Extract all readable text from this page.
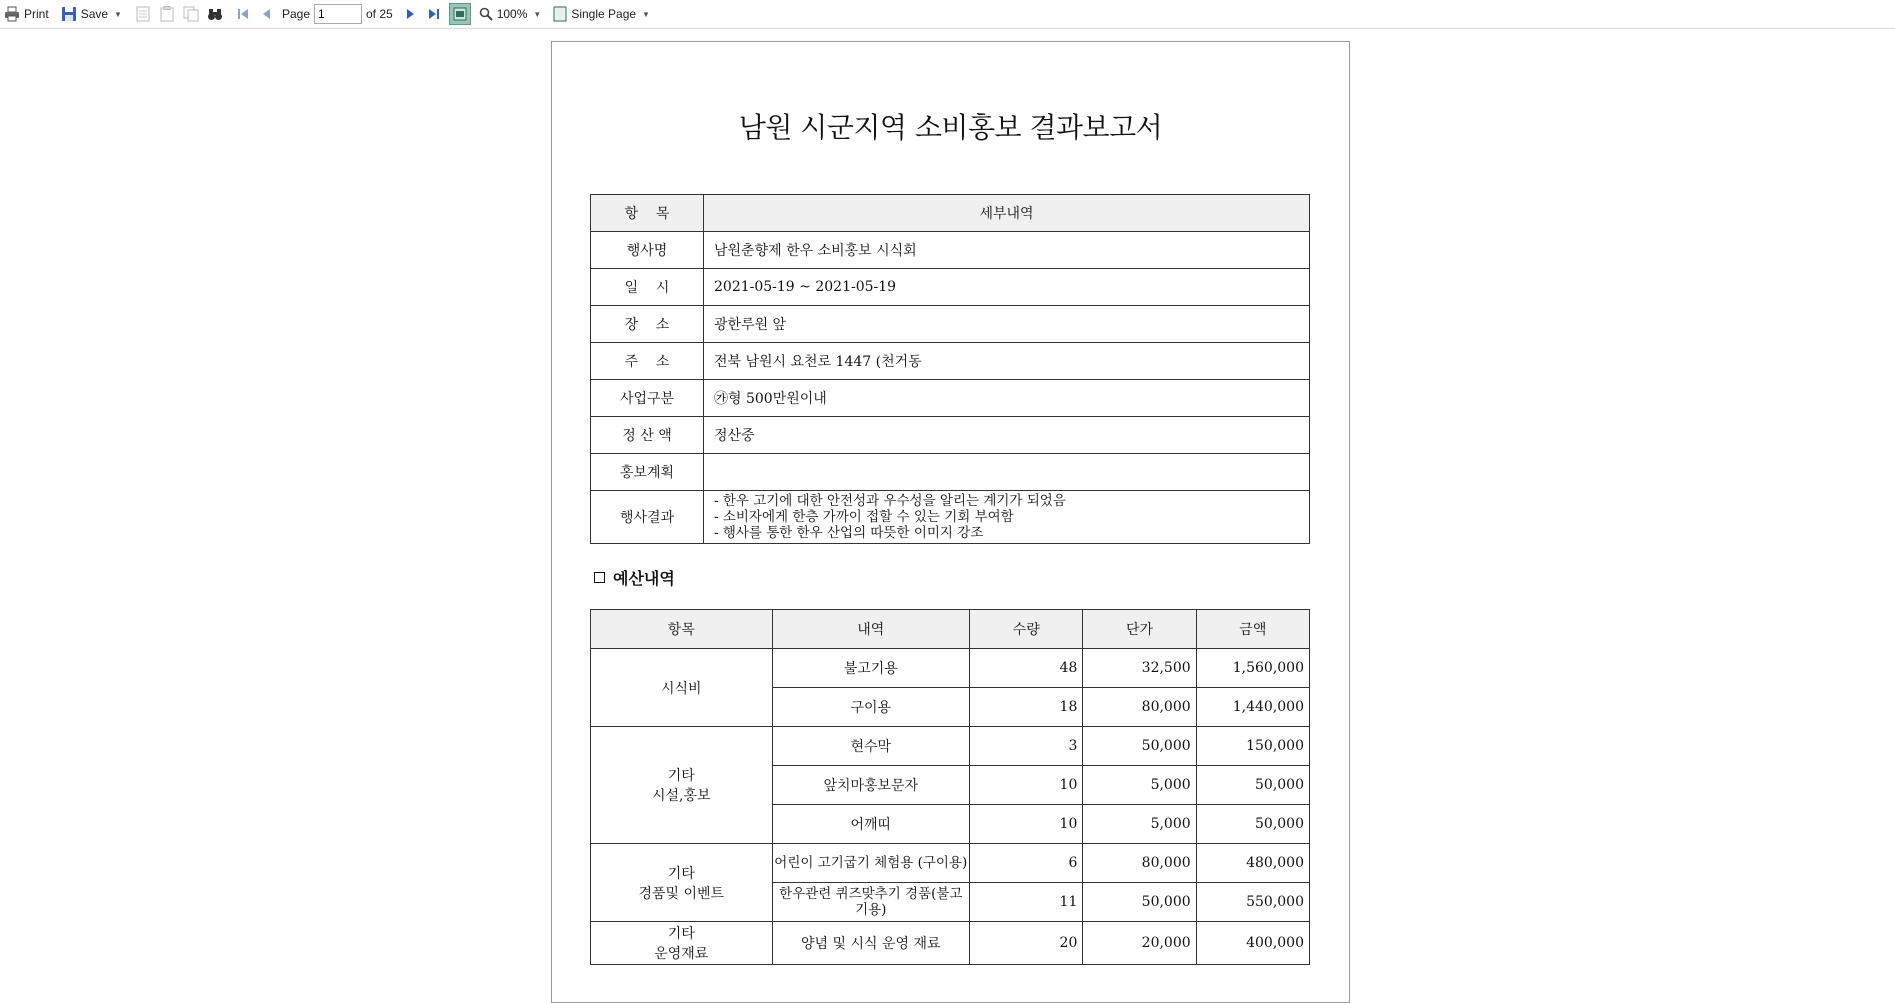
Print	Save ▼	Page
1	of 25	100% ▼	Single Page ▼
남원 시군지역 소비홍보 결과보고서
항    목	세부내역
행사명	남원춘향제 한우 소비홍보 시식회
일    시	2021-05-19 ~ 2021-05-19
장    소	광한루원 앞
주    소	전북 남원시 요천로 1447 (천거동
사업구분	㉮형 500만원이내
정 산 액	정산중
홍보계획	
행사결과	- 한우 고기에 대한 안전성과 우수성을 알리는 계기가 되었음
- 소비자에게 한층 가까이 접할 수 있는 기회 부여함
- 행사를 통한 한우 산업의 따뜻한 이미지 강조
예산내역
항목	내역	수량	단가	금액

시식비	불고기용	48	32,500	1,560,000
	구이용	18	80,000	1,440,000

기타
시설,홍보	현수막	3	50,000	150,000
	앞치마홍보문자	10	5,000	50,000
	어깨띠	10	5,000	50,000

기타
경품및 이벤트	어린이 고기굽기 체험용 (구이용)	6	80,000	480,000
	한우관련 퀴즈맞추기 경품(불고기용)	11	50,000	550,000

기타
운영재료	양념 및 시식 운영 재료	20	20,000	400,000
